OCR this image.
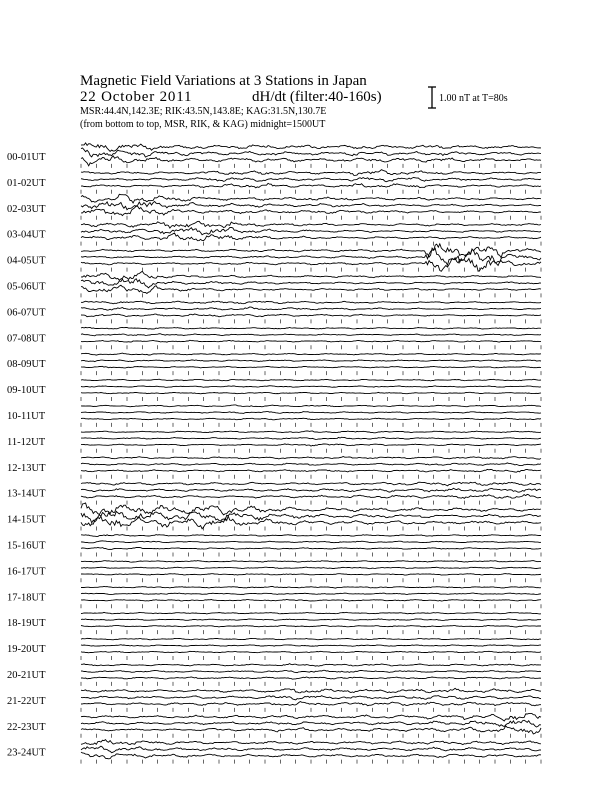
Magnetic Field Variations at 3 Stations in Japan
22 October 2011	dH/dt (filter:40-160s)
MSR:44.4N,142.3E; RIK:43.5N,143.8E; KAG:31.5N,130.7E
(from bottom to top, MSR, RIK, & KAG) midnight=1500UT
1.00 nT at T=80s
00-01UT
01-02UT
02-03UT
03-04UT
04-05UT
05-06UT
06-07UT
07-08UT
08-09UT
09-10UT
10-11UT
11-12UT
12-13UT
13-14UT
14-15UT
15-16UT
16-17UT
17-18UT
18-19UT
19-20UT
20-21UT
21-22UT
22-23UT
23-24UT
